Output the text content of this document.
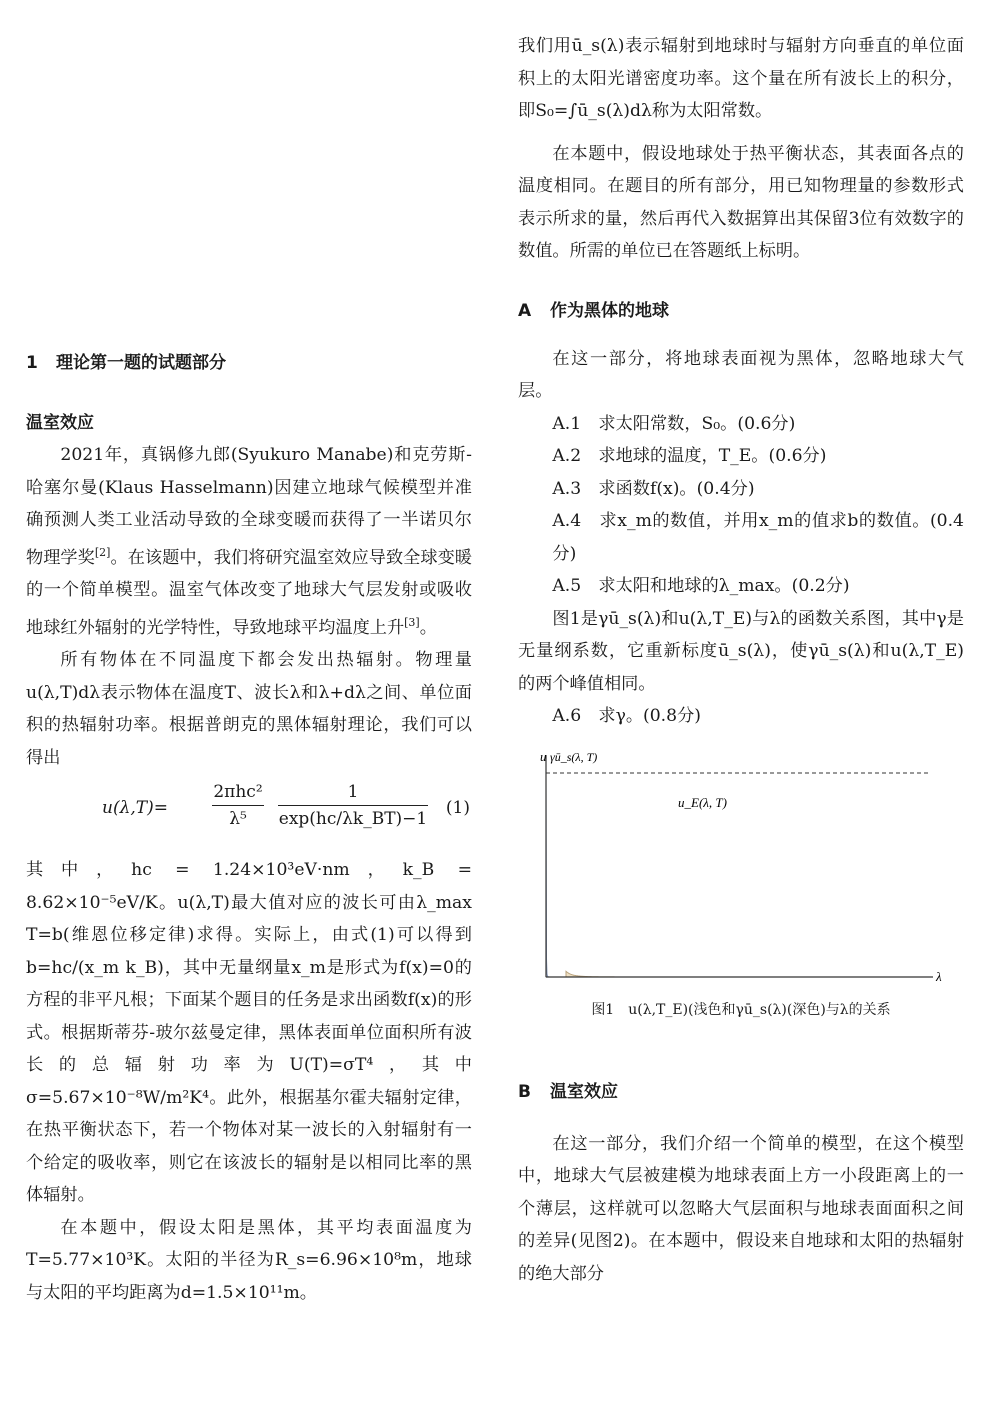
1 理论第一题的试题部分
温室效应

2021年，真锅修九郎(Syukuro Manabe)和克劳斯-哈塞尔曼(Klaus Hasselmann)因建立地球气候模型并准确预测人类工业活动导致的全球变暖而获得了一半诺贝尔物理学奖[2]。在该题中，我们将研究温室效应导致全球变暖的一个简单模型。温室气体改变了地球大气层发射或吸收地球红外辐射的光学特性，导致地球平均温度上升[3]。

所有物体在不同温度下都会发出热辐射。物理量u(λ,T)dλ表示物体在温度T、波长λ和λ+dλ之间、单位面积的热辐射功率。根据普朗克的黑体辐射理论，我们可以得出

u(λ,T)=
2πhc²
λ⁵
1
exp(hc/λk_BT)−1
(1)

其中，hc = 1.24×10³eV·nm，k_B = 8.62×10⁻⁵eV/K。u(λ,T)最大值对应的波长可由λ_max T=b(维恩位移定律)求得。实际上，由式(1)可以得到b=hc/(x_m k_B)，其中无量纲量x_m是形式为f(x)=0的方程的非平凡根；下面某个题目的任务是求出函数f(x)的形式。根据斯蒂芬-玻尔兹曼定律，黑体表面单位面积所有波长的总辐射功率为U(T)=σT⁴，其中σ=5.67×10⁻⁸W/m²K⁴。此外，根据基尔霍夫辐射定律，在热平衡状态下，若一个物体对某一波长的入射辐射有一个给定的吸收率，则它在该波长的辐射是以相同比率的黑体辐射。

在本题中，假设太阳是黑体，其平均表面温度为T=5.77×10³K。太阳的半径为R_s=6.96×10⁸m，地球与太阳的平均距离为d=1.5×10¹¹m。

我们用ū_s(λ)表示辐射到地球时与辐射方向垂直的单位面积上的太阳光谱密度功率。这个量在所有波长上的积分，即S₀=∫ū_s(λ)dλ称为太阳常数。

在本题中，假设地球处于热平衡状态，其表面各点的温度相同。在题目的所有部分，用已知物理量的参数形式表示所求的量，然后再代入数据算出其保留3位有效数字的数值。所需的单位已在答题纸上标明。

A 作为黑体的地球

在这一部分，将地球表面视为黑体，忽略地球大气层。

A.1　求太阳常数，S₀。(0.6分)

A.2　求地球的温度，T_E。(0.6分)

A.3　求函数f(x)。(0.4分)

A.4　求x_m的数值，并用x_m的值求b的数值。(0.4分)

A.5　求太阳和地球的λ_max。(0.2分)

图1是γū_s(λ)和u(λ,T_E)与λ的函数关系图，其中γ是无量纲系数，它重新标度ū_s(λ)，使γū_s(λ)和u(λ,T_E)的两个峰值相同。

A.6　求γ。(0.8分)

u γū_s(λ, T)
u_E(λ, T)
λ
图1　u(λ,T_E)(浅色和γū_s(λ)(深色)与λ的关系
B 温室效应

在这一部分，我们介绍一个简单的模型，在这个模型中，地球大气层被建模为地球表面上方一小段距离上的一个薄层，这样就可以忽略大气层面积与地球表面面积之间的差异(见图2)。在本题中，假设来自地球和太阳的热辐射的绝大部分
